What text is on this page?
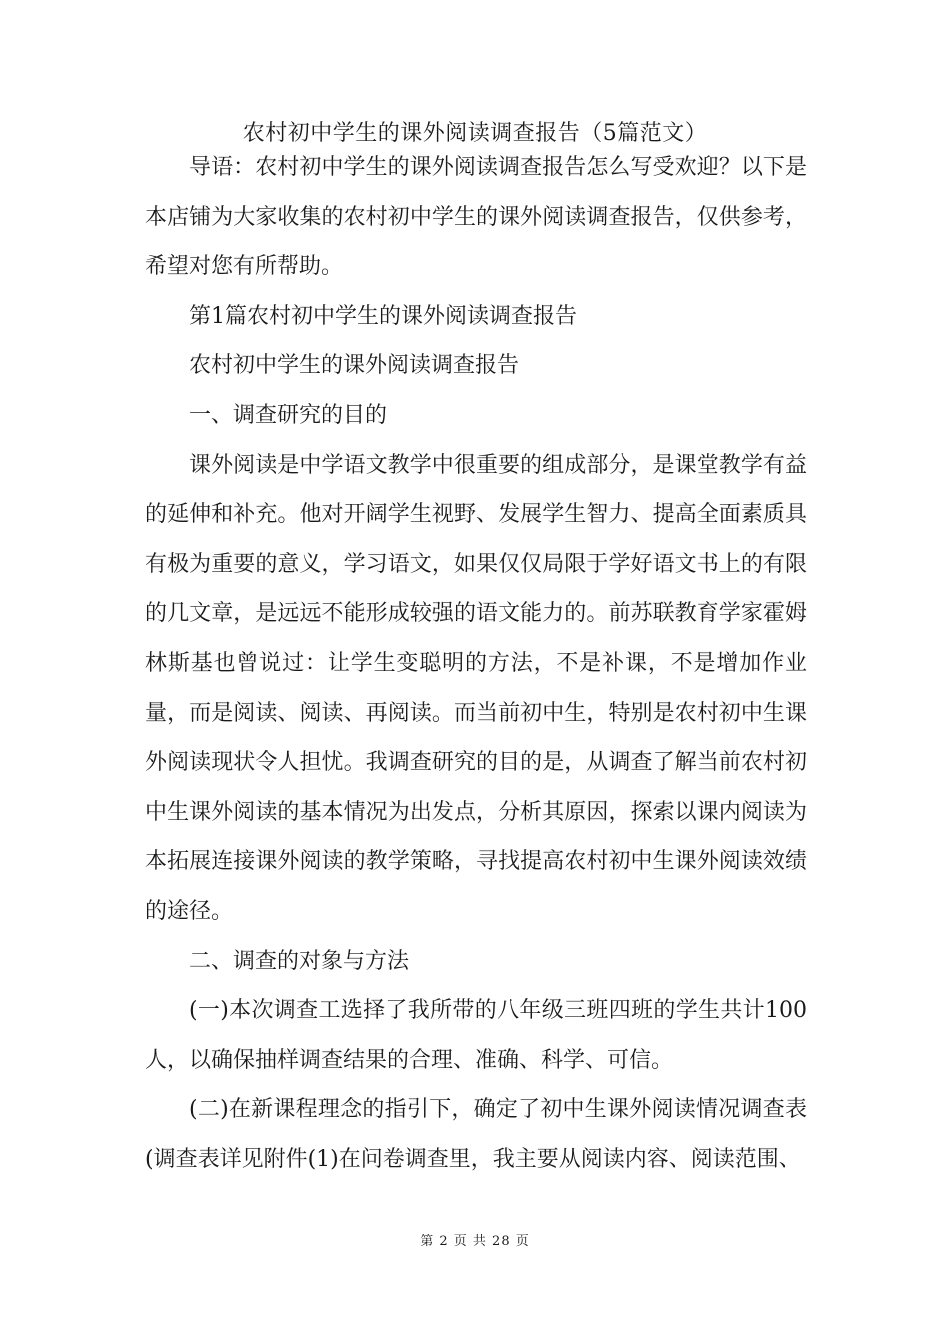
农村初中学生的课外阅读调查报告（5篇范文）

导语：农村初中学生的课外阅读调查报告怎么写受欢迎？以下是本店铺为大家收集的农村初中学生的课外阅读调查报告，仅供参考，希望对您有所帮助。

第1篇农村初中学生的课外阅读调查报告

农村初中学生的课外阅读调查报告

一、调查研究的目的

课外阅读是中学语文教学中很重要的组成部分，是课堂教学有益的延伸和补充。他对开阔学生视野、发展学生智力、提高全面素质具有极为重要的意义，学习语文，如果仅仅局限于学好语文书上的有限的几文章，是远远不能形成较强的语文能力的。前苏联教育学家霍姆林斯基也曾说过：让学生变聪明的方法，不是补课，不是增加作业量，而是阅读、阅读、再阅读。而当前初中生，特别是农村初中生课外阅读现状令人担忧。我调查研究的目的是，从调查了解当前农村初中生课外阅读的基本情况为出发点，分析其原因，探索以课内阅读为本拓展连接课外阅读的教学策略，寻找提高农村初中生课外阅读效绩的途径。

二、调查的对象与方法

(一)本次调查工选择了我所带的八年级三班四班的学生共计100人，以确保抽样调查结果的合理、准确、科学、可信。

(二)在新课程理念的指引下，确定了初中生课外阅读情况调查表(调查表详见附件(1)在问卷调查里，我主要从阅读内容、阅读范围、

第 2 页 共 28 页
